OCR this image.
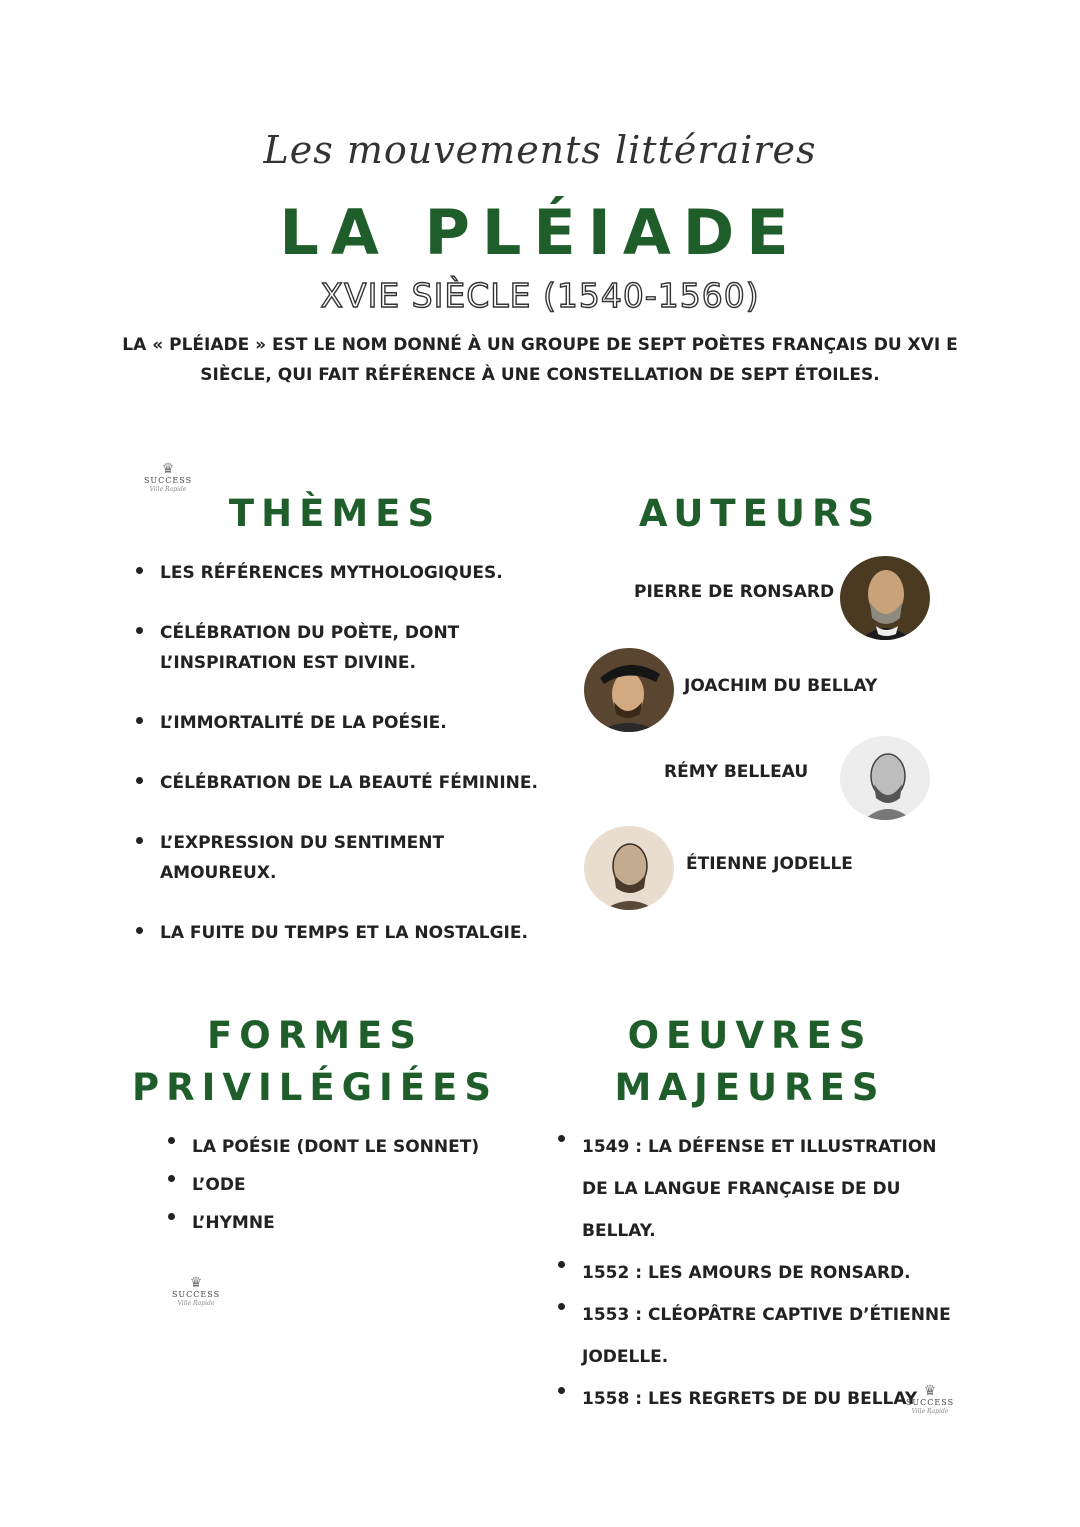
Les mouvements littéraires
LA PLÉIADE
XVIE SIÈCLE (1540-1560)
LA « PLÉIADE » EST LE NOM DONNÉ À UN GROUPE DE SEPT POÈTES FRANÇAIS DU XVI E SIÈCLE, QUI FAIT RÉFÉRENCE À UNE CONSTELLATION DE SEPT ÉTOILES.
♛
SUCCESS
Ville Rapide
THÈMES
LES RÉFÉRENCES MYTHOLOGIQUES.
CÉLÉBRATION DU POÈTE, DONT L’INSPIRATION EST DIVINE.
L’IMMORTALITÉ DE LA POÉSIE.
CÉLÉBRATION DE LA BEAUTÉ FÉMININE.
L’EXPRESSION DU SENTIMENT AMOUREUX.
LA FUITE DU TEMPS ET LA NOSTALGIE.
AUTEURS
PIERRE DE RONSARD
JOACHIM DU BELLAY
RÉMY BELLEAU
ÉTIENNE JODELLE
FORMES
PRIVILÉGIÉES
LA POÉSIE (DONT LE SONNET)
L’ODE
L’HYMNE
♛
SUCCESS
Ville Rapide
OEUVRES
MAJEURES
1549 : LA DÉFENSE ET ILLUSTRATION DE LA LANGUE FRANÇAISE DE DU BELLAY.
1552 : LES AMOURS DE RONSARD.
1553 : CLÉOPÂTRE CAPTIVE D’ÉTIENNE JODELLE.
1558 : LES REGRETS DE DU BELLAY ♛
SUCCESS
Ville Rapide
